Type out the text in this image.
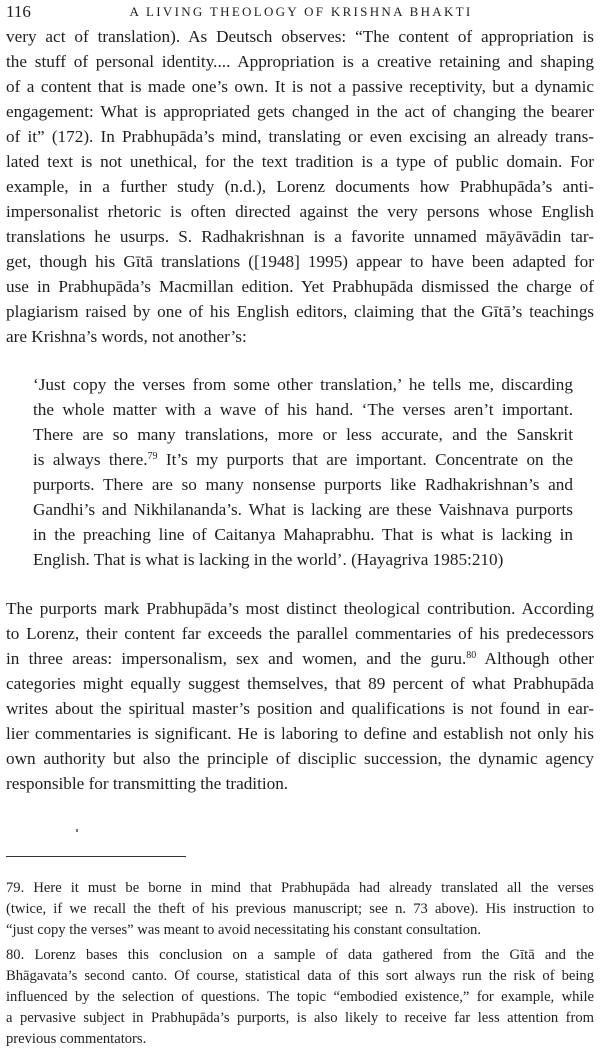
116	A LIVING THEOLOGY OF KRISHNA BHAKTI

very act of translation). As Deutsch observes: “The content of appropriation is

the stuff of personal identity.... Appropriation is a creative retaining and shaping

of a content that is made one’s own. It is not a passive receptivity, but a dynamic

engagement: What is appropriated gets changed in the act of changing the bearer

of it” (172). In Prabhupāda’s mind, translating or even excising an already trans-

lated text is not unethical, for the text tradition is a type of public domain. For

example, in a further study (n.d.), Lorenz documents how Prabhupāda’s anti-

impersonalist rhetoric is often directed against the very persons whose English

translations he usurps. S. Radhakrishnan is a favorite unnamed māyāvādin tar-

get, though his Gītā translations ([1948] 1995) appear to have been adapted for

use in Prabhupāda’s Macmillan edition. Yet Prabhupāda dismissed the charge of

plagiarism raised by one of his English editors, claiming that the Gītā’s teachings

are Krishna’s words, not another’s:

‘Just copy the verses from some other translation,’ he tells me, discarding

the whole matter with a wave of his hand. ‘The verses aren’t important.

There are so many translations, more or less accurate, and the Sanskrit

is always there.$^{79}$ It’s my purports that are important. Concentrate on the

purports. There are so many nonsense purports like Radhakrishnan’s and

Gandhi’s and Nikhilananda’s. What is lacking are these Vaishnava purports

in the preaching line of Caitanya Mahaprabhu. That is what is lacking in

English. That is what is lacking in the world’. (Hayagriva 1985:210)

The purports mark Prabhupāda’s most distinct theological contribution. According

to Lorenz, their content far exceeds the parallel commentaries of his predecessors

in three areas: impersonalism, sex and women, and the guru.$^{80}$ Although other

categories might equally suggest themselves, that 89 percent of what Prabhupāda

writes about the spiritual master’s position and qualifications is not found in ear-

lier commentaries is significant. He is laboring to define and establish not only his

own authority but also the principle of disciplic succession, the dynamic agency

responsible for transmitting the tradition.

79. Here it must be borne in mind that Prabhupāda had already translated all the verses

(twice, if we recall the theft of his previous manuscript; see n. 73 above). His instruction to

“just copy the verses” was meant to avoid necessitating his constant consultation.

80. Lorenz bases this conclusion on a sample of data gathered from the Gītā and the

Bhāgavata’s second canto. Of course, statistical data of this sort always run the risk of being

influenced by the selection of questions. The topic “embodied existence,” for example, while

a pervasive subject in Prabhupāda’s purports, is also likely to receive far less attention from

previous commentators.
